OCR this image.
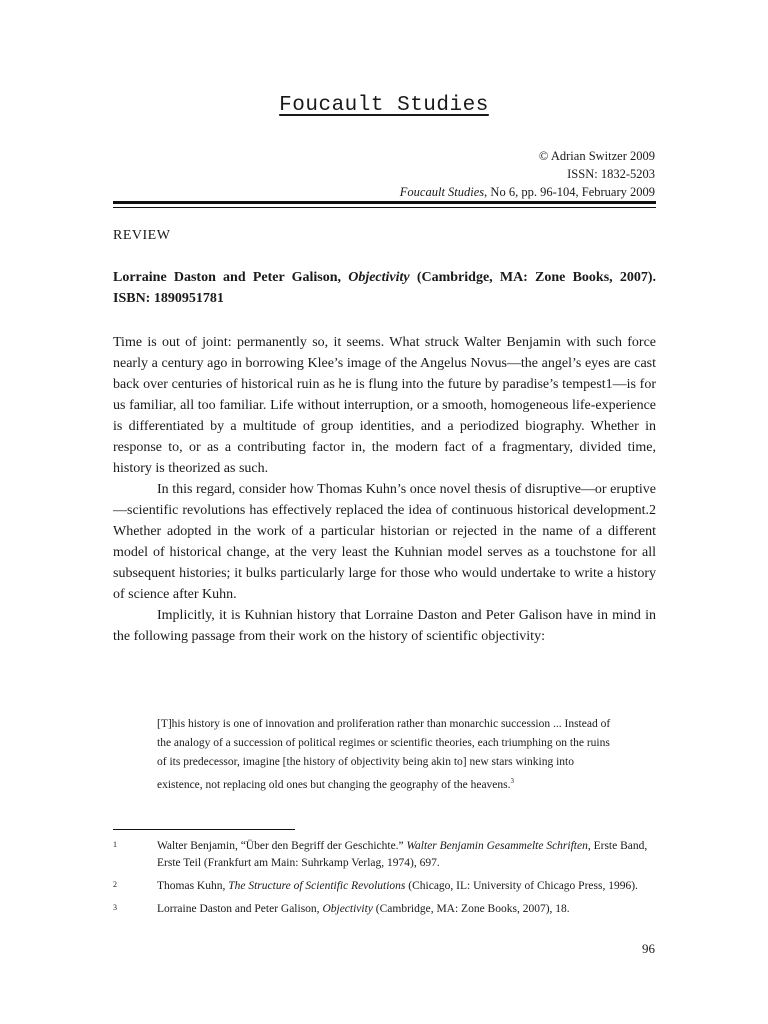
Foucault Studies
© Adrian Switzer 2009
ISSN: 1832-5203
Foucault Studies, No 6, pp. 96-104, February 2009
REVIEW
Lorraine Daston and Peter Galison, Objectivity (Cambridge, MA: Zone Books, 2007). ISBN: 1890951781

Time is out of joint: permanently so, it seems. What struck Walter Benjamin with such force nearly a century ago in borrowing Klee’s image of the Angelus Novus—the angel’s eyes are cast back over centuries of historical ruin as he is flung into the future by paradise’s tempest1—is for us familiar, all too familiar. Life without interruption, or a smooth, homogeneous life-experience is differentiated by a multitude of group identities, and a periodized biography. Whether in response to, or as a contributing factor in, the modern fact of a fragmentary, divided time, history is theorized as such.

In this regard, consider how Thomas Kuhn’s once novel thesis of disruptive—or eruptive—scientific revolutions has effectively replaced the idea of continuous historical development.2 Whether adopted in the work of a particular historian or rejected in the name of a different model of historical change, at the very least the Kuhnian model serves as a touchstone for all subsequent histories; it bulks particularly large for those who would undertake to write a history of science after Kuhn.

Implicitly, it is Kuhnian history that Lorraine Daston and Peter Galison have in mind in the following passage from their work on the history of scientific objectivity:

[T]his history is one of innovation and proliferation rather than monarchic succession ... Instead of the analogy of a succession of political regimes or scientific theories, each triumphing on the ruins of its predecessor, imagine [the history of objectivity being akin to] new stars winking into existence, not replacing old ones but changing the geography of the heavens.$^3$
1	Walter Benjamin, “Über den Begriff der Geschichte.” Walter Benjamin Gesammelte Schriften, Erste Band, Erste Teil (Frankfurt am Main: Suhrkamp Verlag, 1974), 697.
2	Thomas Kuhn, The Structure of Scientific Revolutions (Chicago, IL: University of Chicago Press, 1996).
3	Lorraine Daston and Peter Galison, Objectivity (Cambridge, MA: Zone Books, 2007), 18.
96
